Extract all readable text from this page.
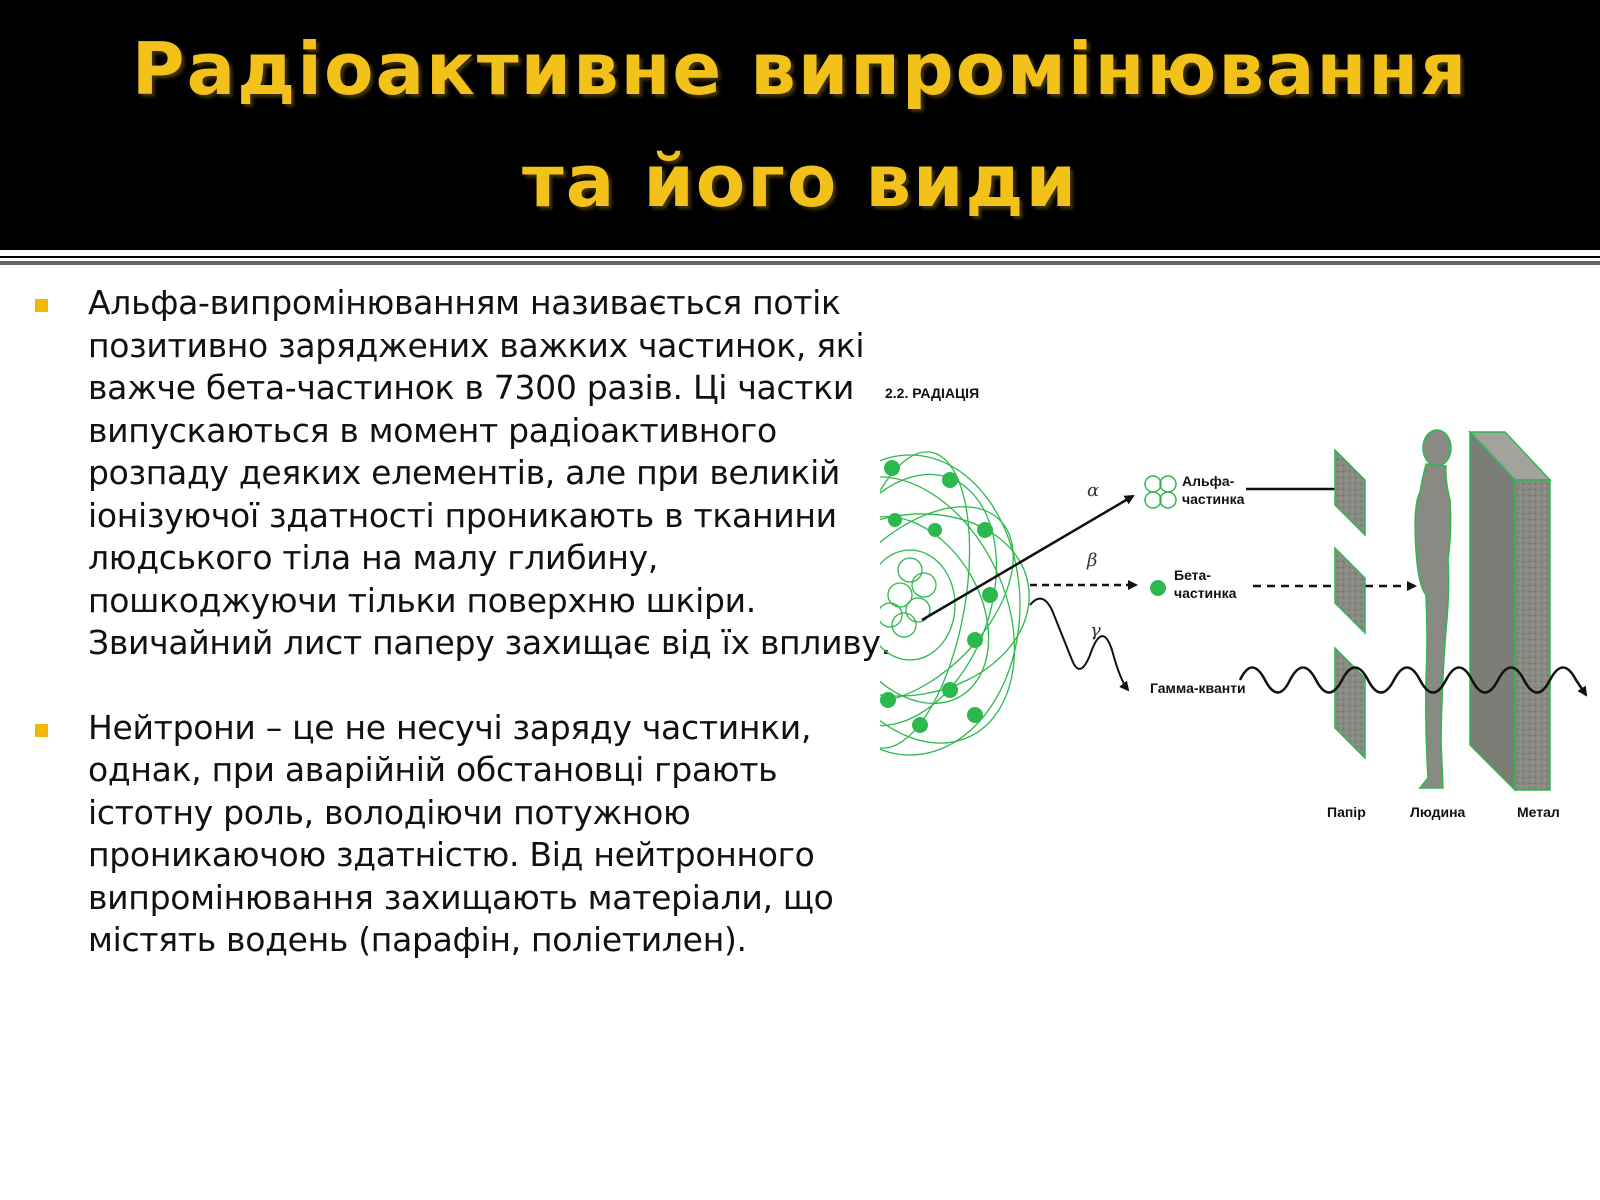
Радіоактивне випромінювання
та його види
Альфа-випромінюванням називається потік позитивно заряджених важких частинок, які важче бета-частинок в 7300 разів. Ці частки випускаються в момент радіоактивного розпаду деяких елементів, але при великій іонізуючої здатності проникають в тканини людського тіла на малу глибину, пошкоджуючи тільки поверхню шкіри. Звичайний лист паперу захищає від їх впливу.
Нейтрони – це не несучі заряду частинки, однак, при аварійній обстановці грають істотну роль, володіючи потужною проникаючою здатністю. Від нейтронного випромінювання захищають матеріали, що містять водень (парафін, поліетилен).
2.2. РАДІАЦІЯ
α
β
γ
Альфа-частинка
Бета-частинка
Гамма-кванти
Папір	Людина	Метал
